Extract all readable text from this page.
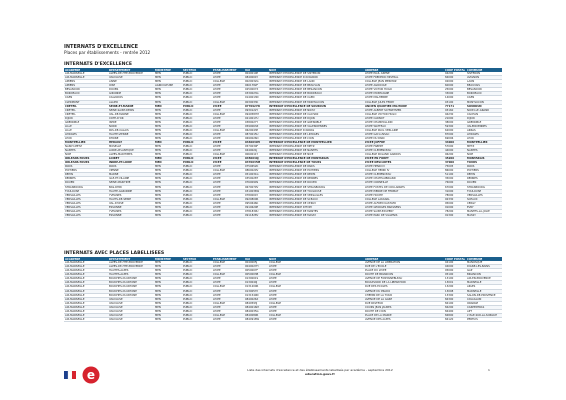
INTERNATS D'EXCELLENCE
Places par établissements - rentrée 2012
INTERNATS D'EXCELLENCE
ACADEMIE	DEPARTEMENT	MINISTERE	SECTEUR	ETABLISSEMENT	UAI	NOM	ADRESSE	CODE POSTAL	COMMUNE
AIX-MARSEILLE	ALPES-DE-HTE-PROVENCE	MEN	PUBLIC	LYCEE	0040010P	INTERNAT D'EXCELLENCE DE SISTERON	LYCEE PAUL ARENE	04200	SISTERON
AIX-MARSEILLE	VAUCLUSE	MEN	PUBLIC	LYCEE	0840004Y	INTERNAT D'EXCELLENCE D'AVIGNON	LYCEE FREDERIC MISTRAL	84000	AVIGNON
AMIENS	AISNE	MEN	PUBLIC	COLLEGE	0020032G	INTERNAT D'EXCELLENCE DE LAON	COLLEGE JEAN MERMOZ	02000	LAON
AMIENS	OISE	AGRICULTURE	PUBLIC	LYCEE	0601782F	INTERNAT D'EXCELLENCE DE BEAUVAIS	LYCEE AGRICOLE	60000	BEAUVAIS
BESANCON	DOUBS	MEN	PUBLIC	LYCEE	0250007X	INTERNAT D'EXCELLENCE DE BESANCON	LYCEE VICTOR HUGO	25000	BESANCON
BORDEAUX	GIRONDE	MEN	PUBLIC	LYCEE	0330023G	INTERNAT D'EXCELLENCE DE BORDEAUX	LYCEE MONTAIGNE	33000	BORDEAUX
CAEN	CALVADOS	MEN	PUBLIC	LYCEE	0140013N	INTERNAT D'EXCELLENCE DE CAEN	LYCEE MALHERBE	14000	CAEN
CLERMONT	ALLIER	MEN	PUBLIC	COLLEGE	0030033K	INTERNAT D'EXCELLENCE DE MONTLUCON	COLLEGE JULES FERRY	03100	MONTLUCON
CRETEIL	SEINE-ET-MARNE	MEN	PUBLIC	LYCEE	0770927N	INTERNAT D'EXCELLENCE DE SOURDUN	ANCIEN QUARTIER MILITAIRE	77171	SOURDUN
CRETEIL	SEINE-SAINT-DENIS	MEN	PUBLIC	LYCEE	0930122Y	INTERNAT D'EXCELLENCE DE NOISY	LYCEE ALBERT SCHWEITZER	93160	NOISY-LE-GRAND
CRETEIL	VAL-DE-MARNE	MEN	PUBLIC	COLLEGE	0940587M	INTERNAT D'EXCELLENCE DE CACHAN	COLLEGE VICTOR HUGO	94230	CACHAN
DIJON	COTE-D'OR	MEN	PUBLIC	LYCEE	0210017U	INTERNAT D'EXCELLENCE DE DIJON	LYCEE CARNOT	21000	DIJON
GRENOBLE	ISERE	MEN	PUBLIC	LYCEE	0380027Y	INTERNAT D'EXCELLENCE DE GRENOBLE	LYCEE CHAMPOLLION	38000	GRENOBLE
LILLE	NORD	MEN	PUBLIC	LYCEE	0590063Z	INTERNAT D'EXCELLENCE DE VALENCIENNES	LYCEE WATTEAU	59300	VALENCIENNES
LILLE	PAS-DE-CALAIS	MEN	PUBLIC	COLLEGE	0620043P	INTERNAT D'EXCELLENCE D'ARRAS	COLLEGE PAUL VERLAINE	62000	ARRAS
LIMOGES	HAUTE-VIENNE	MEN	PUBLIC	LYCEE	0870015U	INTERNAT D'EXCELLENCE DE LIMOGES	LYCEE GAY-LUSSAC	87000	LIMOGES
LYON	RHONE	MEN	PUBLIC	LYCEE	0690026D	INTERNAT D'EXCELLENCE DE LYON	LYCEE DU PARC	69006	LYON
MONTPELLIER	HERAULT	MEN	PUBLIC	LYCEE	0340039H	INTERNAT D'EXCELLENCE DE MONTPELLIER	LYCEE JOFFRE	34000	MONTPELLIER
NANCY-METZ	MOSELLE	MEN	PUBLIC	LYCEE	0570030F	INTERNAT D'EXCELLENCE DE METZ	LYCEE FABERT	57000	METZ
NANTES	LOIRE-ATLANTIQUE	MEN	PUBLIC	LYCEE	0440021J	INTERNAT D'EXCELLENCE DE NANTES	LYCEE CLEMENCEAU	44000	NANTES
NICE	ALPES-MARITIMES	MEN	PUBLIC	COLLEGE	0060011Y	INTERNAT D'EXCELLENCE DE NICE	COLLEGE ROLAND GARROS	06200	NICE
ORLEANS-TOURS	LOIRET	MEN	PUBLIC	LYCEE	0450040J	INTERNAT D'EXCELLENCE DE MONTARGIS	LYCEE EN FORET	45200	MONTARGIS
ORLEANS-TOURS	INDRE-ET-LOIRE	MEN	PUBLIC	LYCEE	0370035M	INTERNAT D'EXCELLENCE DE TOURS	LYCEE DESCARTES	37000	TOURS
PARIS	PARIS	MEN	PUBLIC	LYCEE	0750652K	INTERNAT D'EXCELLENCE DE PARIS	LYCEE HENRI IV	75005	PARIS
POITIERS	VIENNE	MEN	PUBLIC	COLLEGE	0860029V	INTERNAT D'EXCELLENCE DE POITIERS	COLLEGE HENRI IV	86000	POITIERS
REIMS	MARNE	MEN	PUBLIC	LYCEE	0510031G	INTERNAT D'EXCELLENCE DE REIMS	LYCEE CLEMENCEAU	51100	REIMS
RENNES	ILLE-ET-VILAINE	MEN	PUBLIC	LYCEE	0350028T	INTERNAT D'EXCELLENCE DE RENNES	LYCEE CHATEAUBRIAND	35000	RENNES
ROUEN	SEINE-MARITIME	MEN	PUBLIC	LYCEE	0760090S	INTERNAT D'EXCELLENCE DE ROUEN	LYCEE CORNEILLE	76000	ROUEN
STRASBOURG	BAS-RHIN	MEN	PUBLIC	LYCEE	0670079V	INTERNAT D'EXCELLENCE DE STRASBOURG	LYCEE FUSTEL DE COULANGES	67000	STRASBOURG
TOULOUSE	HAUTE-GARONNE	MEN	PUBLIC	LYCEE	0310036W	INTERNAT D'EXCELLENCE DE TOULOUSE	LYCEE PIERRE DE FERMAT	31000	TOULOUSE
VERSAILLES	YVELINES	MEN	PUBLIC	LYCEE	0780004Y	INTERNAT D'EXCELLENCE DE VERSAILLES	LYCEE HOCHE	78000	VERSAILLES
VERSAILLES	HAUTS-DE-SEINE	MEN	PUBLIC	COLLEGE	0920800R	INTERNAT D'EXCELLENCE DE SCEAUX	COLLEGE LAKANAL	92330	SCEAUX
VERSAILLES	VAL-D'OISE	MEN	PUBLIC	LYCEE	0950646K	INTERNAT D'EXCELLENCE DE CERGY	LYCEE ALFRED KASTLER	95000	CERGY
VERSAILLES	ESSONNE	MEN	PUBLIC	LYCEE	0910620E	INTERNAT D'EXCELLENCE D'EVRY	LYCEE GEORGES BRASSENS	91000	EVRY
VERSAILLES	YVELINES	MEN	PUBLIC	LYCEE	0781839U	INTERNAT D'EXCELLENCE DE MANTES	LYCEE SAINT-EXUPERY	78200	MANTES-LA-JOLIE
VERSAILLES	ESSONNE	MEN	PUBLIC	LYCEE	0911828V	INTERNAT D'EXCELLENCE DE MASSY	LYCEE PARC DE VILGENIS	91300	MASSY
INTERNATS AVEC PLACES LABELLISEES
ACADEMIE	DEPARTEMENT	MINISTERE	SECTEUR	ETABLISSEMENT	UAI	NOM	ADRESSE	CODE POSTAL	COMMUNE
AIX-MARSEILLE	ALPES-DE-HTE-PROVENCE	MEN	PUBLIC	COLLEGE	0040005J	COLLEGE	AVENUE DE LA LIBERATION	04100	MANOSQUE
AIX-MARSEILLE	ALPES-DE-HTE-PROVENCE	MEN	PUBLIC	LYCEE	0040027H	LYCEE	RUE DE L'ECOLE	04000	DIGNE-LES-BAINS
AIX-MARSEILLE	HAUTES-ALPES	MEN	PUBLIC	LYCEE	0050007F	LYCEE	PLACE DU LYCEE	05000	GAP
AIX-MARSEILLE	HAUTES-ALPES	MEN	PUBLIC	COLLEGE	0050003B	COLLEGE	ROUTE DE BRIANCON	05100	BRIANCON
AIX-MARSEILLE	BOUCHES-DU-RHONE	MEN	PUBLIC	LYCEE	0130001S	LYCEE	AVENUE DE FONTAINEBLEAU	13100	AIX-EN-PROVENCE
AIX-MARSEILLE	BOUCHES-DU-RHONE	MEN	PUBLIC	LYCEE	0130040J	LYCEE	BOULEVARD DE LA LIBERATION	13001	MARSEILLE
AIX-MARSEILLE	BOUCHES-DU-RHONE	MEN	PUBLIC	COLLEGE	0131200R	COLLEGE	RUE DES ECOLES	13200	ARLES
AIX-MARSEILLE	BOUCHES-DU-RHONE	MEN	PUBLIC	LYCEE	0130053Y	LYCEE	AVENUE DU PRADO	13008	MARSEILLE
AIX-MARSEILLE	BOUCHES-DU-RHONE	MEN	PUBLIC	LYCEE	0131549N	LYCEE	CHEMIN DE LA TOUR	13300	SALON-DE-PROVENCE
AIX-MARSEILLE	VAUCLUSE	MEN	PUBLIC	LYCEE	0840026X	LYCEE	AVENUE DE LA GARE	84300	CAVAILLON
AIX-MARSEILLE	VAUCLUSE	MEN	PUBLIC	COLLEGE	0840593J	COLLEGE	RUE PASTEUR	84100	ORANGE
AIX-MARSEILLE	VAUCLUSE	MEN	PUBLIC	LYCEE	0840016M	LYCEE	COURS JEAN JAURES	84200	CARPENTRAS
AIX-MARSEILLE	VAUCLUSE	MEN	PUBLIC	LYCEE	0840035G	LYCEE	ROUTE DE LYON	84400	APT
AIX-MARSEILLE	VAUCLUSE	MEN	PUBLIC	COLLEGE	0840089R	COLLEGE	PLACE DE LA MAIRIE	84800	L'ISLE-SUR-LA-SORGUE
AIX-MARSEILLE	VAUCLUSE	MEN	PUBLIC	LYCEE	0840918W	LYCEE	AVENUE DES ALPES	84120	PERTUIS
e	Liste des internats d'excellence et des établissements labellisés par académie - septembre 2012
education.gouv.fr
1
